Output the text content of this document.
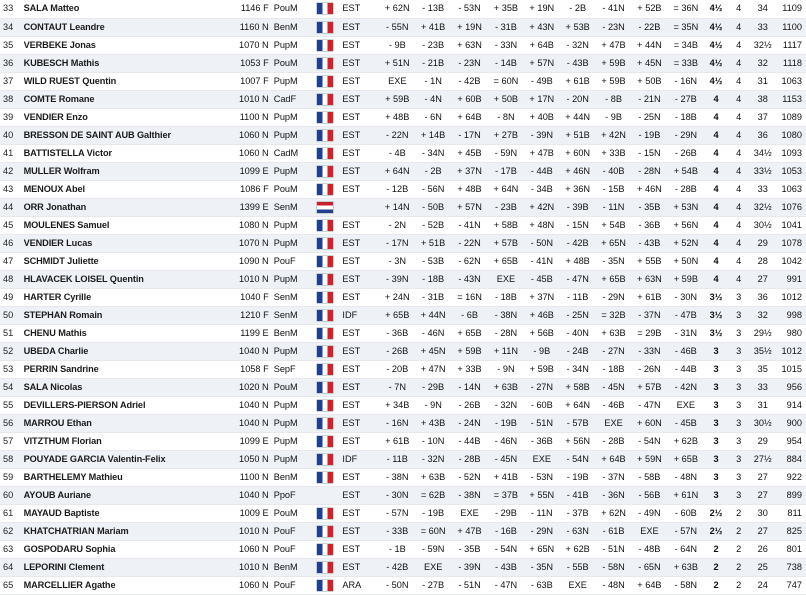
33	SALA Matteo	1146 F	PouM		EST	+ 62N	- 13B	- 53N	+ 35B	+ 19N	- 2B	- 41N	+ 52B	= 36N	4½	4	34	1109
34	CONTAUT Leandre	1160 N	BenM		EST	- 55N	+ 41B	+ 19N	- 31B	+ 43N	+ 53B	- 23N	- 22B	= 35N	4½	4	33	1100
35	VERBEKE Jonas	1070 N	PupM		EST	- 9B	- 23B	+ 63N	- 33N	+ 64B	- 32N	+ 47B	+ 44N	= 34B	4½	4	32½	1117
36	KUBESCH Mathis	1053 F	PouM		EST	+ 51N	- 21B	- 23N	- 14B	+ 57N	- 43B	+ 59B	+ 45N	= 33B	4½	4	32	1118
37	WILD RUEST Quentin	1007 F	PupM		EST	EXE	- 1N	- 42B	= 60N	- 49B	+ 61B	+ 59B	+ 50B	- 16N	4½	4	31	1063
38	COMTE Romane	1010 N	CadF		EST	+ 59B	- 4N	+ 60B	+ 50B	+ 17N	- 20N	- 8B	- 21N	- 27B	4	4	38	1153
39	VENDIER Enzo	1100 N	PupM		EST	+ 48B	- 6N	+ 64B	- 8N	+ 40B	+ 44N	- 9B	- 25N	- 18B	4	4	37	1089
40	BRESSON DE SAINT AUB Galthier	1060 N	PupM		EST	- 22N	+ 14B	- 17N	+ 27B	- 39N	+ 51B	+ 42N	- 19B	- 29N	4	4	36	1080
41	BATTISTELLA Victor	1060 N	CadM		EST	- 4B	- 34N	+ 45B	- 59N	+ 47B	+ 60N	+ 33B	- 15N	- 26B	4	4	34½	1093
42	MULLER Wolfram	1099 E	PupM		EST	+ 64N	- 2B	+ 37N	- 17B	- 44B	+ 46N	- 40B	- 28N	+ 54B	4	4	33½	1053
43	MENOUX Abel	1086 F	PouM		EST	- 12B	- 56N	+ 48B	+ 64N	- 34B	+ 36N	- 15B	+ 46N	- 28B	4	4	33	1063
44	ORR Jonathan	1399 E	SenM			+ 14N	- 50B	+ 57N	- 23B	+ 42N	- 39B	- 11N	- 35B	+ 53N	4	4	32½	1076
45	MOULENES Samuel	1080 N	PupM		EST	- 2N	- 52B	- 41N	+ 58B	+ 48N	- 15N	+ 54B	- 36B	+ 56N	4	4	30½	1041
46	VENDIER Lucas	1070 N	PupM		EST	- 17N	+ 51B	- 22N	+ 57B	- 50N	- 42B	+ 65N	- 43B	+ 52N	4	4	29	1078
47	SCHMIDT Juliette	1090 N	PouF		EST	- 3N	- 53B	- 62N	+ 65B	- 41N	+ 48B	- 35N	+ 55B	+ 50N	4	4	28	1042
48	HLAVACEK LOISEL Quentin	1010 N	PupM		EST	- 39N	- 18B	- 43N	EXE	- 45B	- 47N	+ 65B	+ 63N	+ 59B	4	4	27	991
49	HARTER Cyrille	1040 F	SenM		EST	+ 24N	- 31B	= 16N	- 18B	+ 37N	- 11B	- 29N	+ 61B	- 30N	3½	3	36	1012
50	STEPHAN Romain	1210 F	SenM		IDF	+ 65B	+ 44N	- 6B	- 38N	+ 46B	- 25N	= 32B	- 37N	- 47B	3½	3	32	998
51	CHENU Mathis	1199 E	BenM		EST	- 36B	- 46N	+ 65B	- 28N	+ 56B	- 40N	+ 63B	= 29B	- 31N	3½	3	29½	980
52	UBEDA Charlie	1040 N	PupM		EST	- 26B	+ 45N	+ 59B	+ 11N	- 9B	- 24B	- 27N	- 33N	- 46B	3	3	35½	1012
53	PERRIN Sandrine	1058 F	SepF		EST	- 20B	+ 47N	+ 33B	- 9N	+ 59B	- 34N	- 18B	- 26N	- 44B	3	3	35	1015
54	SALA Nicolas	1020 N	PouM		EST	- 7N	- 29B	- 14N	+ 63B	- 27N	+ 58B	- 45N	+ 57B	- 42N	3	3	33	956
55	DEVILLERS-PIERSON Adriel	1040 N	PupM		EST	+ 34B	- 9N	- 26B	- 32N	- 60B	+ 64N	- 46B	- 47N	EXE	3	3	31	914
56	MARROU Ethan	1040 N	PupM		EST	- 16N	+ 43B	- 24N	- 19B	- 51N	- 57B	EXE	+ 60N	- 45B	3	3	30½	900
57	VITZTHUM Florian	1099 E	PupM		EST	+ 61B	- 10N	- 44B	- 46N	- 36B	+ 56N	- 28B	- 54N	+ 62B	3	3	29	954
58	POUYADE GARCIA Valentin-Felix	1050 N	PupM		IDF	- 11B	- 32N	- 28B	- 45N	EXE	- 54N	+ 64B	+ 59N	+ 65B	3	3	27½	884
59	BARTHELEMY Mathieu	1100 N	BenM		EST	- 38N	+ 63B	- 52N	+ 41B	- 53N	- 19B	- 37N	- 58B	- 48N	3	3	27	922
60	AYOUB Auriane	1040 N	PpoF		EST	- 30N	= 62B	- 38N	= 37B	+ 55N	- 41B	- 36N	- 56B	+ 61N	3	3	27	899
61	MAYAUD Baptiste	1009 E	PouM		EST	- 57N	- 19B	EXE	- 29B	- 11N	- 37B	+ 62N	- 49N	- 60B	2½	2	30	811
62	KHATCHATRIAN Mariam	1010 N	PouF		EST	- 33B	= 60N	+ 47B	- 16B	- 29N	- 63N	- 61B	EXE	- 57N	2½	2	27	825
63	GOSPODARU Sophia	1060 N	PouF		EST	- 1B	- 59N	- 35B	- 54N	+ 65N	+ 62B	- 51N	- 48B	- 64N	2	2	26	801
64	LEPORINI Clement	1010 N	BenM		EST	- 42B	EXE	- 39N	- 43B	- 35N	- 55B	- 58N	- 65N	+ 63B	2	2	25	738
65	MARCELLIER Agathe	1060 N	PouF		ARA	- 50N	- 27B	- 51N	- 47N	- 63B	EXE	- 48N	+ 64B	- 58N	2	2	24	747
